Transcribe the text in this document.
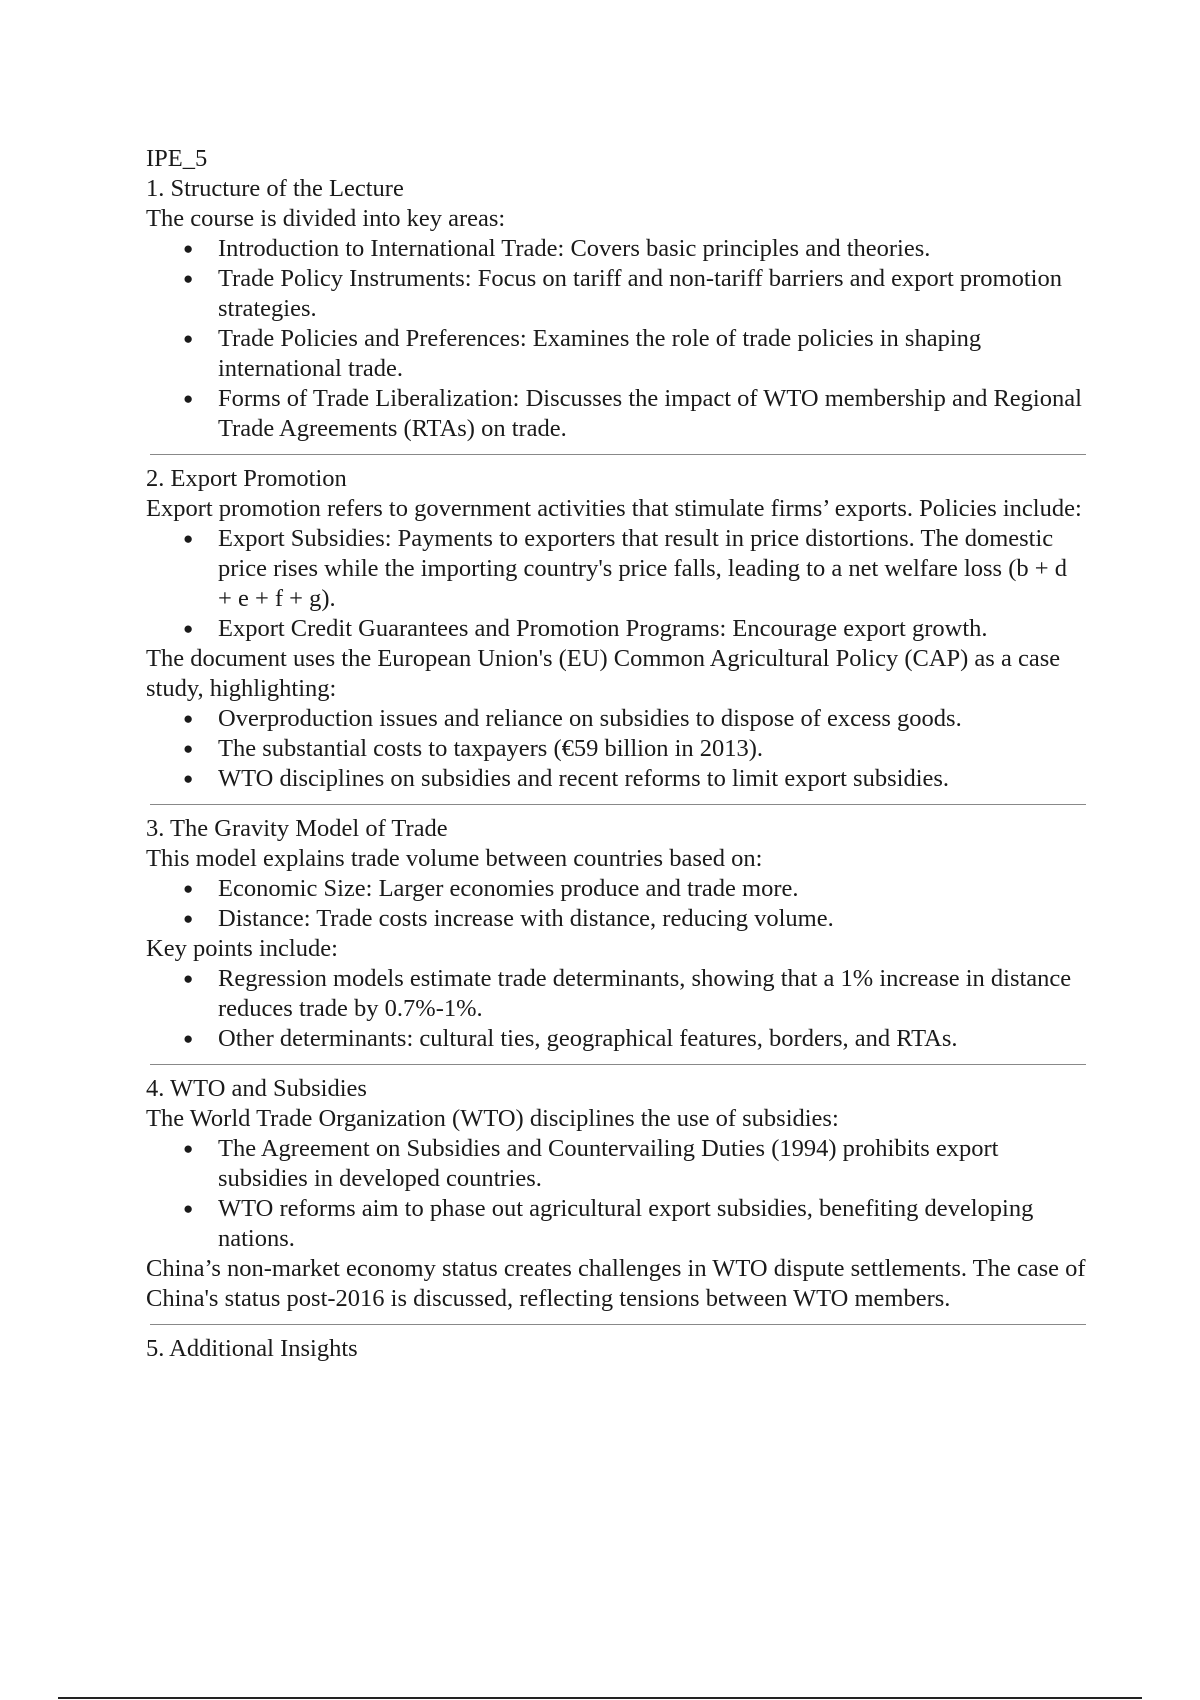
IPE_5

1. Structure of the Lecture

The course is divided into key areas:

● Introduction to International Trade: Covers basic principles and theories.
● Trade Policy Instruments: Focus on tariff and non-tariff barriers and export promotion strategies.
● Trade Policies and Preferences: Examines the role of trade policies in shaping international trade.
● Forms of Trade Liberalization: Discusses the impact of WTO membership and Regional Trade Agreements (RTAs) on trade.

2. Export Promotion

Export promotion refers to government activities that stimulate firms’ exports. Policies include:

● Export Subsidies: Payments to exporters that result in price distortions. The domestic price rises while the importing country's price falls, leading to a net welfare loss (b + d + e + f + g).
● Export Credit Guarantees and Promotion Programs: Encourage export growth.

The document uses the European Union's (EU) Common Agricultural Policy (CAP) as a case study, highlighting:

● Overproduction issues and reliance on subsidies to dispose of excess goods.
● The substantial costs to taxpayers (€59 billion in 2013).
● WTO disciplines on subsidies and recent reforms to limit export subsidies.

3. The Gravity Model of Trade

This model explains trade volume between countries based on:

● Economic Size: Larger economies produce and trade more.
● Distance: Trade costs increase with distance, reducing volume.

Key points include:

● Regression models estimate trade determinants, showing that a 1% increase in distance reduces trade by 0.7%-1%.
● Other determinants: cultural ties, geographical features, borders, and RTAs.

4. WTO and Subsidies

The World Trade Organization (WTO) disciplines the use of subsidies:

● The Agreement on Subsidies and Countervailing Duties (1994) prohibits export subsidies in developed countries.
● WTO reforms aim to phase out agricultural export subsidies, benefiting developing nations.

China’s non-market economy status creates challenges in WTO dispute settlements. The case of China's status post-2016 is discussed, reflecting tensions between WTO members.

5. Additional Insights
